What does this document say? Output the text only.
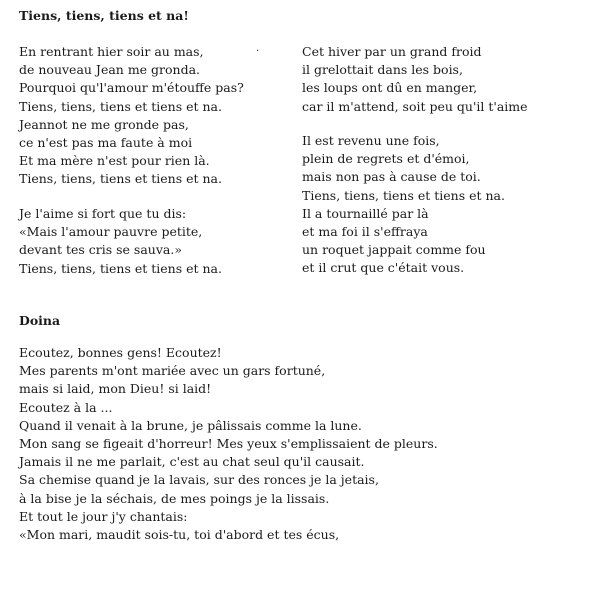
Tiens, tiens, tiens et na!
·
En rentrant hier soir au mas,
de nouveau Jean me gronda.
Pourquoi qu'l'amour m'étouffe pas?
Tiens, tiens, tiens et tiens et na.
Jeannot ne me gronde pas,
ce n'est pas ma faute à moi
Et ma mère n'est pour rien là.
Tiens, tiens, tiens et tiens et na.
Je l'aime si fort que tu dis:
«Mais l'amour pauvre petite,
devant tes cris se sauva.»
Tiens, tiens, tiens et tiens et na.
Cet hiver par un grand froid
il grelottait dans les bois,
les loups ont dû en manger,
car il m'attend, soit peu qu'il t'aime
Il est revenu une fois,
plein de regrets et d'émoi,
mais non pas à cause de toi.
Tiens, tiens, tiens et tiens et na.
Il a tournaillé par là
et ma foi il s'effraya
un roquet jappait comme fou
et il crut que c'était vous.
Doina
Ecoutez, bonnes gens! Ecoutez!
Mes parents m'ont mariée avec un gars fortuné,
mais si laid, mon Dieu! si laid!
Ecoutez à la ...
Quand il venait à la brune, je pâlissais comme la lune.
Mon sang se figeait d'horreur! Mes yeux s'emplissaient de pleurs.
Jamais il ne me parlait, c'est au chat seul qu'il causait.
Sa chemise quand je la lavais, sur des ronces je la jetais,
à la bise je la séchais, de mes poings je la lissais.
Et tout le jour j'y chantais:
«Mon mari, maudit sois-tu, toi d'abord et tes écus,
